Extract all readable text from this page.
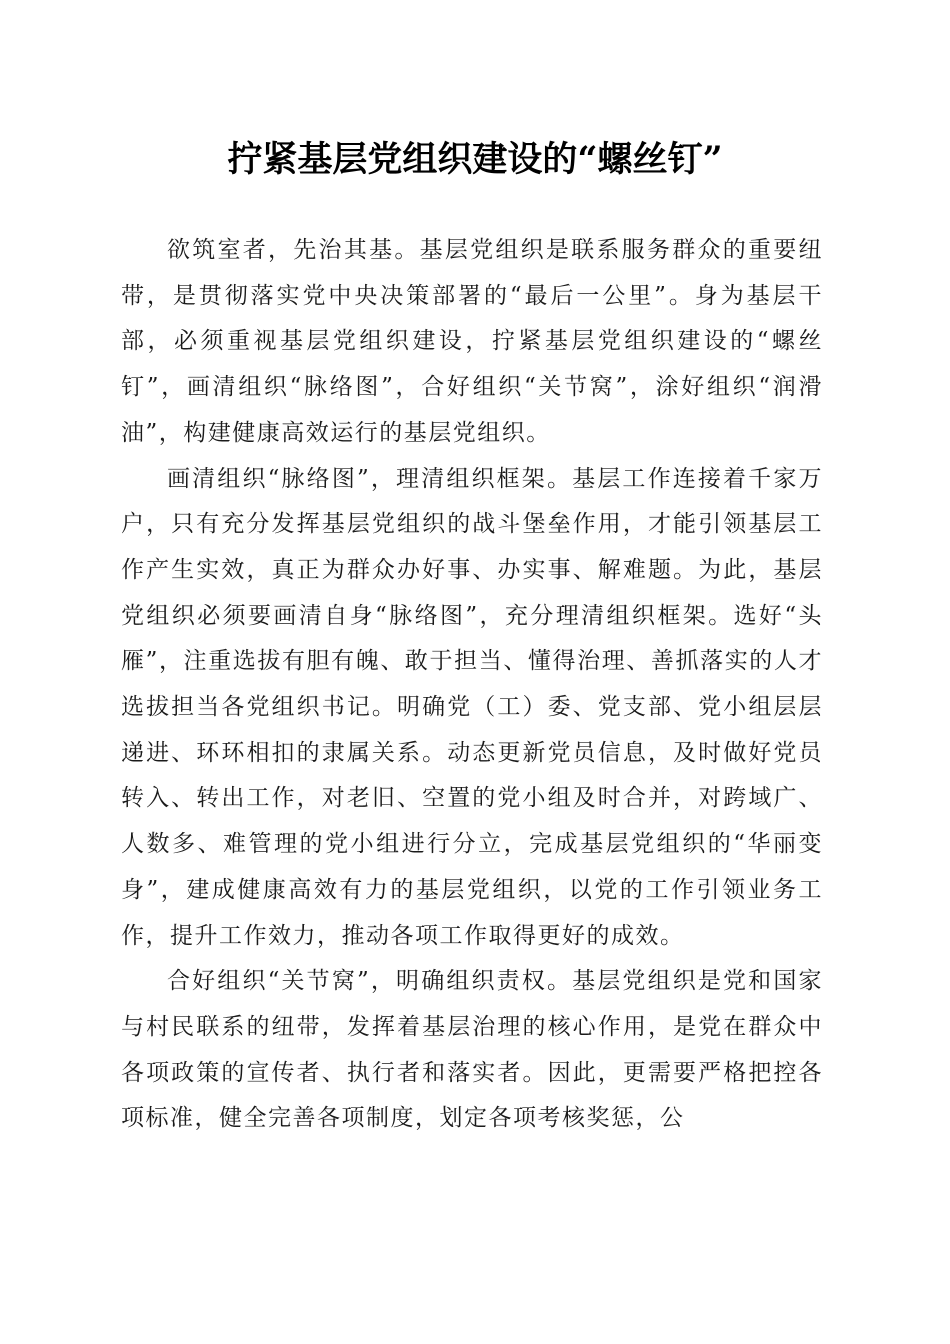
拧紧基层党组织建设的“螺丝钉”

欲筑室者，先治其基。基层党组织是联系服务群众的重要纽带，是贯彻落实党中央决策部署的“最后一公里”。身为基层干部，必须重视基层党组织建设，拧紧基层党组织建设的“螺丝钉”，画清组织“脉络图”，合好组织“关节窝”，涂好组织“润滑油”，构建健康高效运行的基层党组织。

画清组织“脉络图”，理清组织框架。基层工作连接着千家万户，只有充分发挥基层党组织的战斗堡垒作用，才能引领基层工作产生实效，真正为群众办好事、办实事、解难题。为此，基层党组织必须要画清自身“脉络图”，充分理清组织框架。选好“头雁”，注重选拔有胆有魄、敢于担当、懂得治理、善抓落实的人才选拔担当各党组织书记。明确党（工）委、党支部、党小组层层递进、环环相扣的隶属关系。动态更新党员信息，及时做好党员转入、转出工作，对老旧、空置的党小组及时合并，对跨域广、人数多、难管理的党小组进行分立，完成基层党组织的“华丽变身”，建成健康高效有力的基层党组织，以党的工作引领业务工作，提升工作效力，推动各项工作取得更好的成效。

合好组织“关节窝”，明确组织责权。基层党组织是党和国家与村民联系的纽带，发挥着基层治理的核心作用，是党在群众中各项政策的宣传者、执行者和落实者。因此，更需要严格把控各项标准，健全完善各项制度，划定各项考核奖惩，公
